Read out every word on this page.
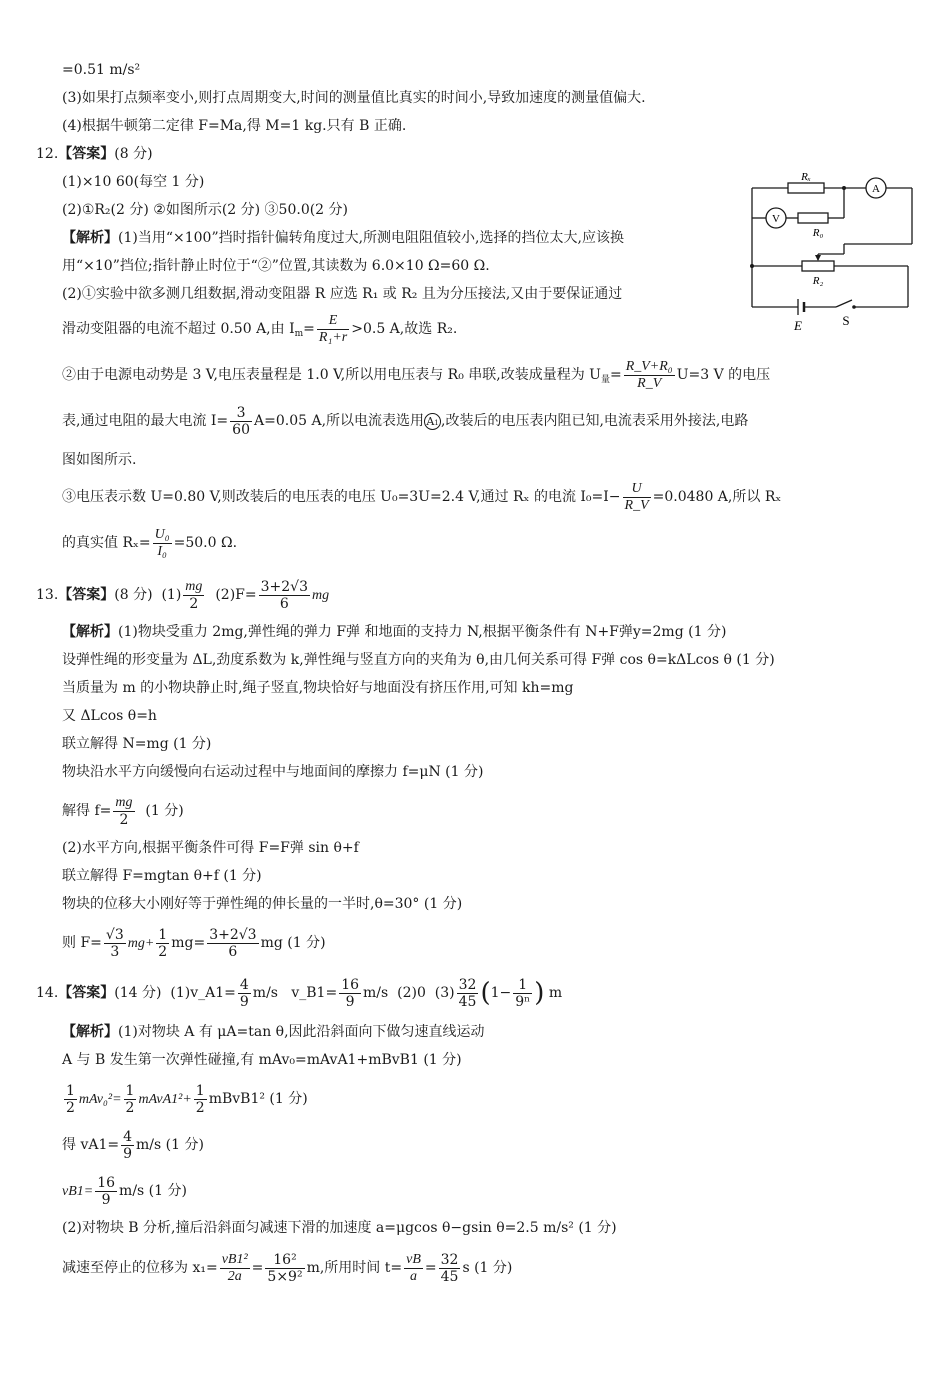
=0.51 m/s²
(3)如果打点频率变小,则打点周期变大,时间的测量值比真实的时间小,导致加速度的测量值偏大.
(4)根据牛顿第二定律 F=Ma,得 M=1 kg.只有 B 正确.
12.【答案】(8 分)
(1)×10 60(每空 1 分)
(2)①R₂(2 分) ②如图所示(2 分) ③50.0(2 分)
【解析】(1)当用“×100”挡时指针偏转角度过大,所测电阻阻值较小,选择的挡位太大,应该换
用“×10”挡位;指针静止时位于“②”位置,其读数为 6.0×10 Ω=60 Ω.
(2)①实验中欲多测几组数据,滑动变阻器 R 应选 R₁ 或 R₂ 且为分压接法,又由于要保证通过
滑动变阻器的电流不超过 0.50 A,由 $I_m= \frac{E}{\text{R₁+r}} >0.5$ A,故选 R₂.
②由于电源电动势是 3 V,电压表量程是 1.0 V,所以用电压表与 R₀ 串联,改装成量程为 $U_量= \frac{\text{R\_V+R₀}}{R\_V} U=3$ V 的电压
表,通过电阻的最大电流 $I= \frac{3}{60} A=0.05$ A,所以电流表选用 A1 ,改装后的电压表内阻已知,电流表采用外接法,电路
图如图所示.
③电压表示数 U=0.80 V,则改装后的电压表的电压 U₀=3U=2.4 V,通过 Rₓ 的电流 $I_0=I- \frac{U}{R\_V} =0.0480$ A,所以 Rₓ
的真实值 $R_x= \frac{\text{U₀}}{\text{I₀}} =50.0$ Ω.
Rₓ
A
V
R₀
R₂
E	S
13.【答案】(8 分) $(1) \frac{mg}{2} (2)F= \frac{3+2√3}{6}$ mg
【解析】(1)物块受重力 2mg,弹性绳的弹力 F弹 和地面的支持力 N,根据平衡条件有 N+F弹y=2mg (1 分)
设弹性绳的形变量为 ΔL,劲度系数为 k,弹性绳与竖直方向的夹角为 θ,由几何关系可得 F弹 cos θ=kΔLcos θ (1 分)
当质量为 m 的小物块静止时,绳子竖直,物块恰好与地面没有挤压作用,可知 kh=mg
又 ΔLcos θ=h
联立解得 N=mg (1 分)
物块沿水平方向缓慢向右运动过程中与地面间的摩擦力 f=μN (1 分)
解得 $f= \frac{mg}{2} (1$ 分)
(2)水平方向,根据平衡条件可得 F=F弹 sin θ+f
联立解得 F=mgtan θ+f (1 分)
物块的位移大小刚好等于弹性绳的伸长量的一半时,θ=30° (1 分)
则 $F= \frac{√3}{3} mg+ \frac{1}{2} mg= \frac{3+2√3}{6}$ mg (1 分)
14.【答案】(14 分) (1)v_A1= $\frac{4}{9} m/s$ v_B1= $\frac{16}{9} m/s$ (2)0 $(3) \frac{32}{45} (1- \frac{1}{\text{9ⁿ}}$ ) m
【解析】(1)对物块 A 有 μA=tan θ,因此沿斜面向下做匀速直线运动
A 与 B 发生第一次弹性碰撞,有 mAv₀=mAvA1+mBvB1 (1 分)
$\frac{1}{2} mAv_0^2= \frac{1}{2}$ mAvA1²+ $\frac{1}{2}$ mBvB1² (1 分)
得 $vA1= \frac{4}{9} m/s$ (1 分)
$vB1= \frac{16}{9} m/s$ (1 分)
(2)对物块 B 分析,撞后沿斜面匀减速下滑的加速度 a=μgcos θ−gsin θ=2.5 m/s² (1 分)
减速至停止的位移为 $x_1= \frac{\text{vB1²}}{2a} = \frac{\text{16²}}{\text{5×9²}} m$,所用时间 $t= \frac{vB}{a} = \frac{32}{45}$ s (1 分)
